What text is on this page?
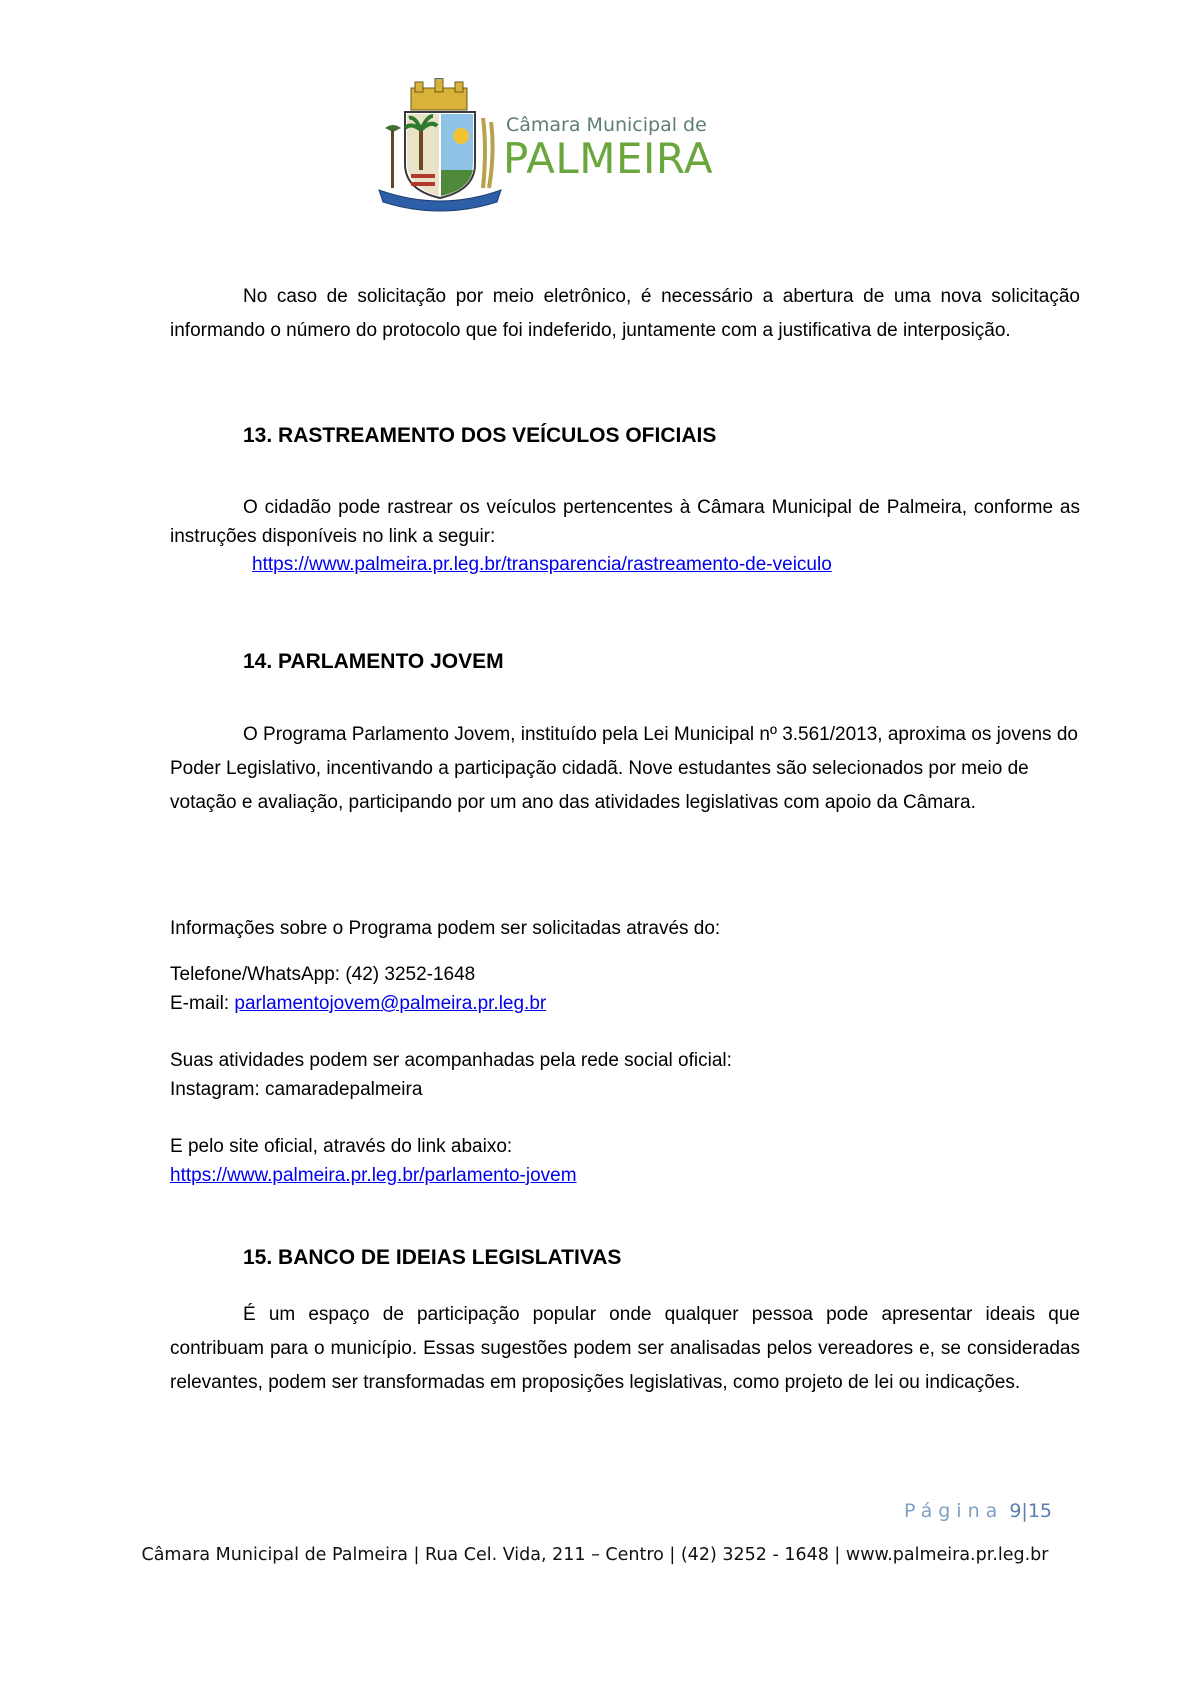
Câmara Municipal de
PALMEIRA

No caso de solicitação por meio eletrônico, é necessário a abertura de uma nova solicitação informando o número do protocolo que foi indeferido, juntamente com a justificativa de interposição.

13. RASTREAMENTO DOS VEÍCULOS OFICIAIS

O cidadão pode rastrear os veículos pertencentes à Câmara Municipal de Palmeira, conforme as instruções disponíveis no link a seguir:

https://www.palmeira.pr.leg.br/transparencia/rastreamento-de-veiculo
14. PARLAMENTO JOVEM

O Programa Parlamento Jovem, instituído pela Lei Municipal nº 3.561/2013, aproxima os jovens do Poder Legislativo, incentivando a participação cidadã. Nove estudantes são selecionados por meio de votação e avaliação, participando por um ano das atividades legislativas com apoio da Câmara.

Informações sobre o Programa podem ser solicitadas através do:

Telefone/WhatsApp: (42) 3252-1648
E-mail: parlamentojovem@palmeira.pr.leg.br
Suas atividades podem ser acompanhadas pela rede social oficial:
Instagram: camaradepalmeira
E pelo site oficial, através do link abaixo:
https://www.palmeira.pr.leg.br/parlamento-jovem
15. BANCO DE IDEIAS LEGISLATIVAS

É um espaço de participação popular onde qualquer pessoa pode apresentar ideais que contribuam para o município. Essas sugestões podem ser analisadas pelos vereadores e, se consideradas relevantes, podem ser transformadas em proposições legislativas, como projeto de lei ou indicações.

Página 9|15
Câmara Municipal de Palmeira | Rua Cel. Vida, 211 – Centro | (42) 3252 - 1648 | www.palmeira.pr.leg.br
